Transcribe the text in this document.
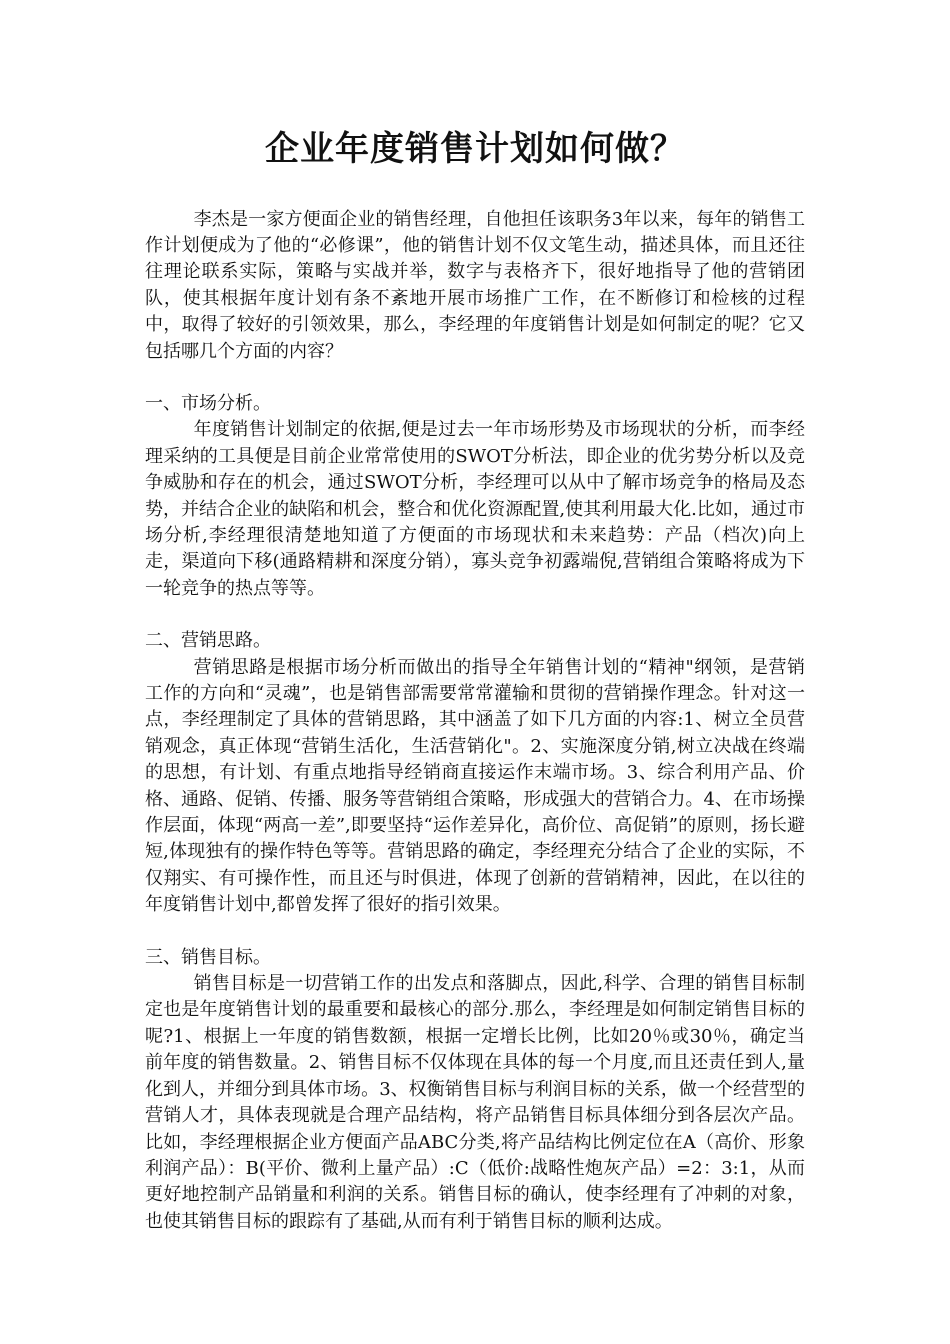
企业年度销售计划如何做？

李杰是一家方便面企业的销售经理，自他担任该职务3年以来，每年的销售工作计划便成为了他的“必修课”，他的销售计划不仅文笔生动，描述具体，而且还往往理论联系实际，策略与实战并举，数字与表格齐下，很好地指导了他的营销团队，使其根据年度计划有条不紊地开展市场推广工作，在不断修订和检核的过程中，取得了较好的引领效果，那么，李经理的年度销售计划是如何制定的呢？它又包括哪几个方面的内容？

一、市场分析。

年度销售计划制定的依据,便是过去一年市场形势及市场现状的分析，而李经理采纳的工具便是目前企业常常使用的SWOT分析法，即企业的优劣势分析以及竞争威胁和存在的机会，通过SWOT分析，李经理可以从中了解市场竞争的格局及态势，并结合企业的缺陷和机会，整合和优化资源配置,使其利用最大化.比如，通过市场分析,李经理很清楚地知道了方便面的市场现状和未来趋势：产品（档次)向上走，渠道向下移(通路精耕和深度分销），寡头竞争初露端倪,营销组合策略将成为下一轮竞争的热点等等。

二、营销思路。

营销思路是根据市场分析而做出的指导全年销售计划的“精神"纲领，是营销工作的方向和“灵魂”，也是销售部需要常常灌输和贯彻的营销操作理念。针对这一点，李经理制定了具体的营销思路，其中涵盖了如下几方面的内容:1、树立全员营销观念，真正体现“营销生活化，生活营销化"。2、实施深度分销,树立决战在终端的思想，有计划、有重点地指导经销商直接运作末端市场。3、综合利用产品、价格、通路、促销、传播、服务等营销组合策略，形成强大的营销合力。4、在市场操作层面，体现“两高一差”,即要坚持“运作差异化，高价位、高促销”的原则，扬长避短,体现独有的操作特色等等。营销思路的确定，李经理充分结合了企业的实际，不仅翔实、有可操作性，而且还与时俱进，体现了创新的营销精神，因此，在以往的年度销售计划中,都曾发挥了很好的指引效果。

三、销售目标。

销售目标是一切营销工作的出发点和落脚点，因此,科学、合理的销售目标制定也是年度销售计划的最重要和最核心的部分.那么，李经理是如何制定销售目标的呢?1、根据上一年度的销售数额，根据一定增长比例，比如20％或30％，确定当前年度的销售数量。2、销售目标不仅体现在具体的每一个月度,而且还责任到人,量化到人，并细分到具体市场。3、权衡销售目标与利润目标的关系，做一个经营型的营销人才，具体表现就是合理产品结构，将产品销售目标具体细分到各层次产品。比如，李经理根据企业方便面产品ABC分类,将产品结构比例定位在A（高价、形象利润产品）：B(平价、微利上量产品）:C（低价:战略性炮灰产品）=2：3:1，从而更好地控制产品销量和利润的关系。销售目标的确认，使李经理有了冲刺的对象，也使其销售目标的跟踪有了基础,从而有利于销售目标的顺利达成。
